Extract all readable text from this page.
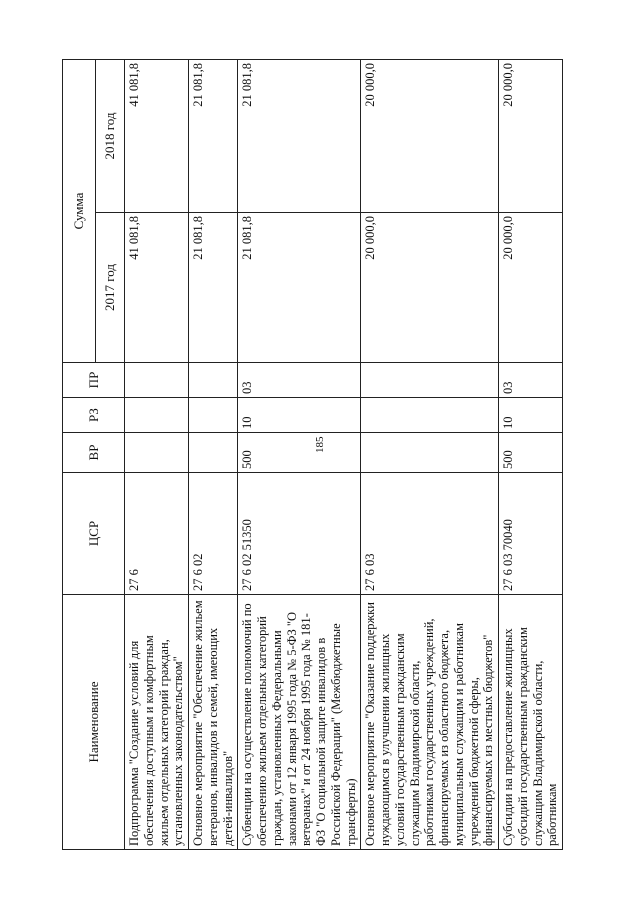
185
Наименование	ЦСР	ВР	РЗ	ПР	Сумма	
					2017 год	2018 год
Подпрограмма "Создание условий для обеспечения доступным и комфортным жильем отдельных категорий граждан, установленных законодательством"	27 6				41 081,8	41 081,8
Основное мероприятие "Обеспечение жильем ветеранов, инвалидов и семей, имеющих детей-инвалидов"	27 6 02				21 081,8	21 081,8
Субвенции на осуществление полномочий по обеспечению жильем отдельных категорий граждан, установленных Федеральными законами от 12 января 1995 года № 5-ФЗ "О ветеранах" и от 24 ноября 1995 года № 181-ФЗ "О социальной защите инвалидов в Российской Федерации" (Межбюджетные трансферты)	27 6 02 51350	500	10	03	21 081,8	21 081,8
Основное мероприятие "Оказание поддержки нуждающимся в улучшении жилищных условий государственным гражданским служащим Владимирской области, работникам государственных учреждений, финансируемых из областного бюджета, муниципальным служащим и работникам учреждений бюджетной сферы, финансируемых из местных бюджетов"	27 6 03				20 000,0	20 000,0
Субсидии на предоставление жилищных субсидий государственным гражданским служащим Владимирской области, работникам	27 6 03 70040	500	10	03	20 000,0	20 000,0
